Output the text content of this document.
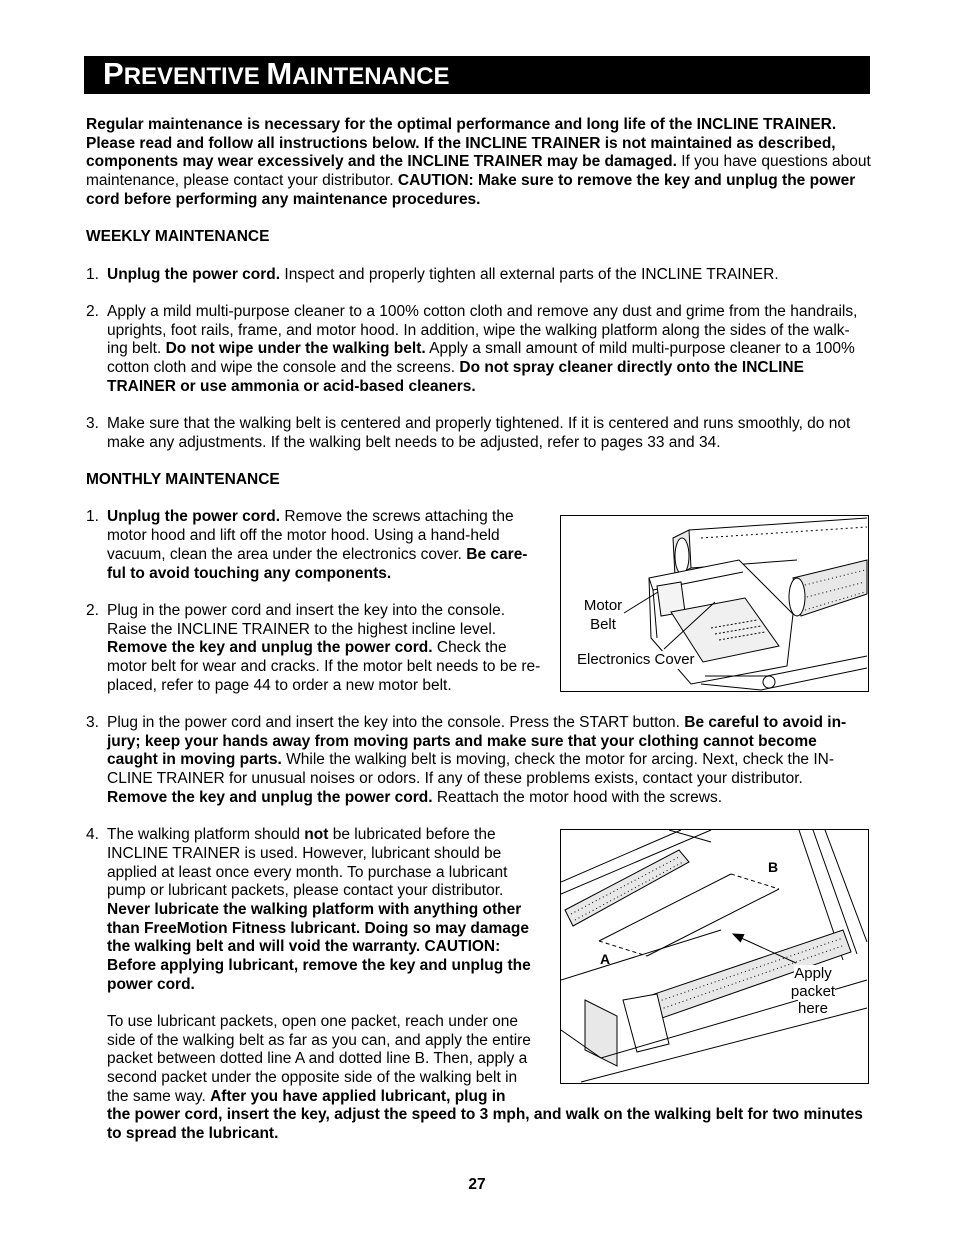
PREVENTIVE MAINTENANCE
Regular maintenance is necessary for the optimal performance and long life of the INCLINE TRAINER.
Please read and follow all instructions below. If the INCLINE TRAINER is not maintained as described,
components may wear excessively and the INCLINE TRAINER may be damaged. If you have questions about
maintenance, please contact your distributor. CAUTION: Make sure to remove the key and unplug the power
cord before performing any maintenance procedures.
WEEKLY MAINTENANCE
1. Unplug the power cord. Inspect and properly tighten all external parts of the INCLINE TRAINER.
2. Apply a mild multi-purpose cleaner to a 100% cotton cloth and remove any dust and grime from the handrails,
uprights, foot rails, frame, and motor hood. In addition, wipe the walking platform along the sides of the walk-
ing belt. Do not wipe under the walking belt. Apply a small amount of mild multi-purpose cleaner to a 100%
cotton cloth and wipe the console and the screens. Do not spray cleaner directly onto the INCLINE
TRAINER or use ammonia or acid-based cleaners.
3. Make sure that the walking belt is centered and properly tightened. If it is centered and runs smoothly, do not
make any adjustments. If the walking belt needs to be adjusted, refer to pages 33 and 34.
MONTHLY MAINTENANCE
1. Unplug the power cord. Remove the screws attaching the
motor hood and lift off the motor hood. Using a hand-held
vacuum, clean the area under the electronics cover. Be care-
ful to avoid touching any components.
2. Plug in the power cord and insert the key into the console.
Raise the INCLINE TRAINER to the highest incline level.
Remove the key and unplug the power cord. Check the
motor belt for wear and cracks. If the motor belt needs to be re-
placed, refer to page 44 to order a new motor belt.
3. Plug in the power cord and insert the key into the console. Press the START button. Be careful to avoid in-
jury; keep your hands away from moving parts and make sure that your clothing cannot become
caught in moving parts. While the walking belt is moving, check the motor for arcing. Next, check the IN-
CLINE TRAINER for unusual noises or odors. If any of these problems exists, contact your distributor.
Remove the key and unplug the power cord. Reattach the motor hood with the screws.
4. The walking platform should not be lubricated before the
INCLINE TRAINER is used. However, lubricant should be
applied at least once every month. To purchase a lubricant
pump or lubricant packets, please contact your distributor.
Never lubricate the walking platform with anything other
than FreeMotion Fitness lubricant. Doing so may damage
the walking belt and will void the warranty. CAUTION:
Before applying lubricant, remove the key and unplug the
power cord.
To use lubricant packets, open one packet, reach under one
side of the walking belt as far as you can, and apply the entire
packet between dotted line A and dotted line B. Then, apply a
second packet under the opposite side of the walking belt in
the same way. After you have applied lubricant, plug in
the power cord, insert the key, adjust the speed to 3 mph, and walk on the walking belt for two minutes
to spread the lubricant.
Motor
Belt
Electronics Cover
B
A
Apply
packet
here
27
